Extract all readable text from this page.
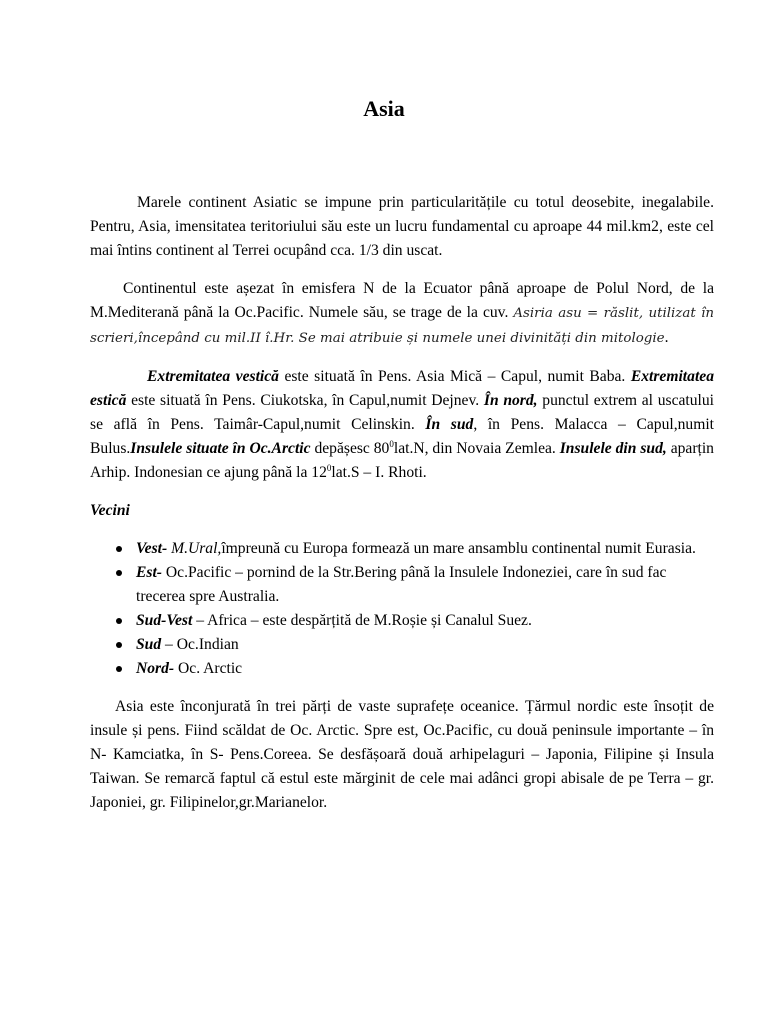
Asia

Marele continent Asiatic se impune prin particularitățile cu totul deosebite, inegalabile. Pentru, Asia, imensitatea teritoriului său este un lucru fundamental cu aproape 44 mil.km2, este cel mai întins continent al Terrei ocupând cca. 1/3 din uscat.

Continentul este așezat în emisfera N de la Ecuator până aproape de Polul Nord, de la M.Mediterană până la Oc.Pacific. Numele său, se trage de la cuv. Asiria asu = răslit, utilizat în scrieri,începând cu mil.II î.Hr. Se mai atribuie și numele unei divinități din mitologie.

Extremitatea vestică este situată în Pens. Asia Mică – Capul, numit Baba. Extremitatea estică este situată în Pens. Ciukotska, în Capul,numit Dejnev. În nord, punctul extrem al uscatului se află în Pens. Taimâr-Capul,numit Celinskin. În sud, în Pens. Malacca – Capul,numit Bulus.Insulele situate în Oc.Arctic depășesc $80^0lat.N$, din Novaia Zemlea. Insulele din sud, aparțin Arhip. Indonesian ce ajung până la $12^0lat.S$ – I. Rhoti.

Vecini

Vest- M.Ural,împreună cu Europa formează un mare ansamblu continental numit Eurasia.
Est- Oc.Pacific – pornind de la Str.Bering până la Insulele Indoneziei, care în sud fac trecerea spre Australia.
Sud-Vest – Africa – este despărțită de M.Roșie și Canalul Suez.
Sud – Oc.Indian
Nord- Oc. Arctic

Asia este înconjurată în trei părți de vaste suprafețe oceanice. Țărmul nordic este însoțit de insule și pens. Fiind scăldat de Oc. Arctic. Spre est, Oc.Pacific, cu două peninsule importante – în N- Kamciatka, în S- Pens.Coreea. Se desfășoară două arhipelaguri – Japonia, Filipine și Insula Taiwan. Se remarcă faptul că estul este mărginit de cele mai adânci gropi abisale de pe Terra – gr. Japoniei, gr. Filipinelor,gr.Marianelor.
